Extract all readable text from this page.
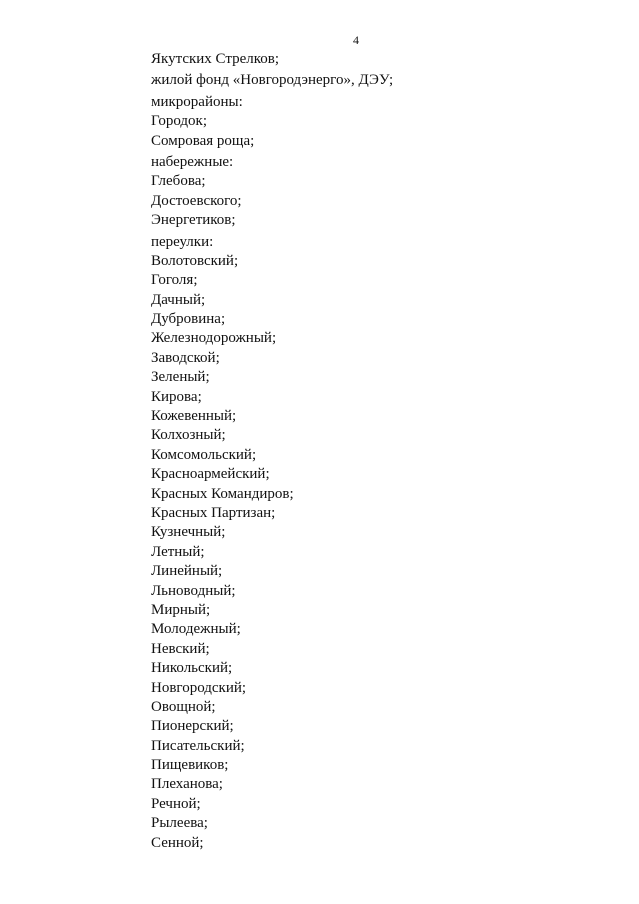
4
Якутских Стрелков;
жилой фонд «Новгородэнерго», ДЭУ;
микрорайоны:
Городок;
Сомровая роща;
набережные:
Глебова;
Достоевского;
Энергетиков;
переулки:
Волотовский;
Гоголя;
Дачный;
Дубровина;
Железнодорожный;
Заводской;
Зеленый;
Кирова;
Кожевенный;
Колхозный;
Комсомольский;
Красноармейский;
Красных Командиров;
Красных Партизан;
Кузнечный;
Летный;
Линейный;
Льноводный;
Мирный;
Молодежный;
Невский;
Никольский;
Новгородский;
Овощной;
Пионерский;
Писательский;
Пищевиков;
Плеханова;
Речной;
Рылеева;
Сенной;
